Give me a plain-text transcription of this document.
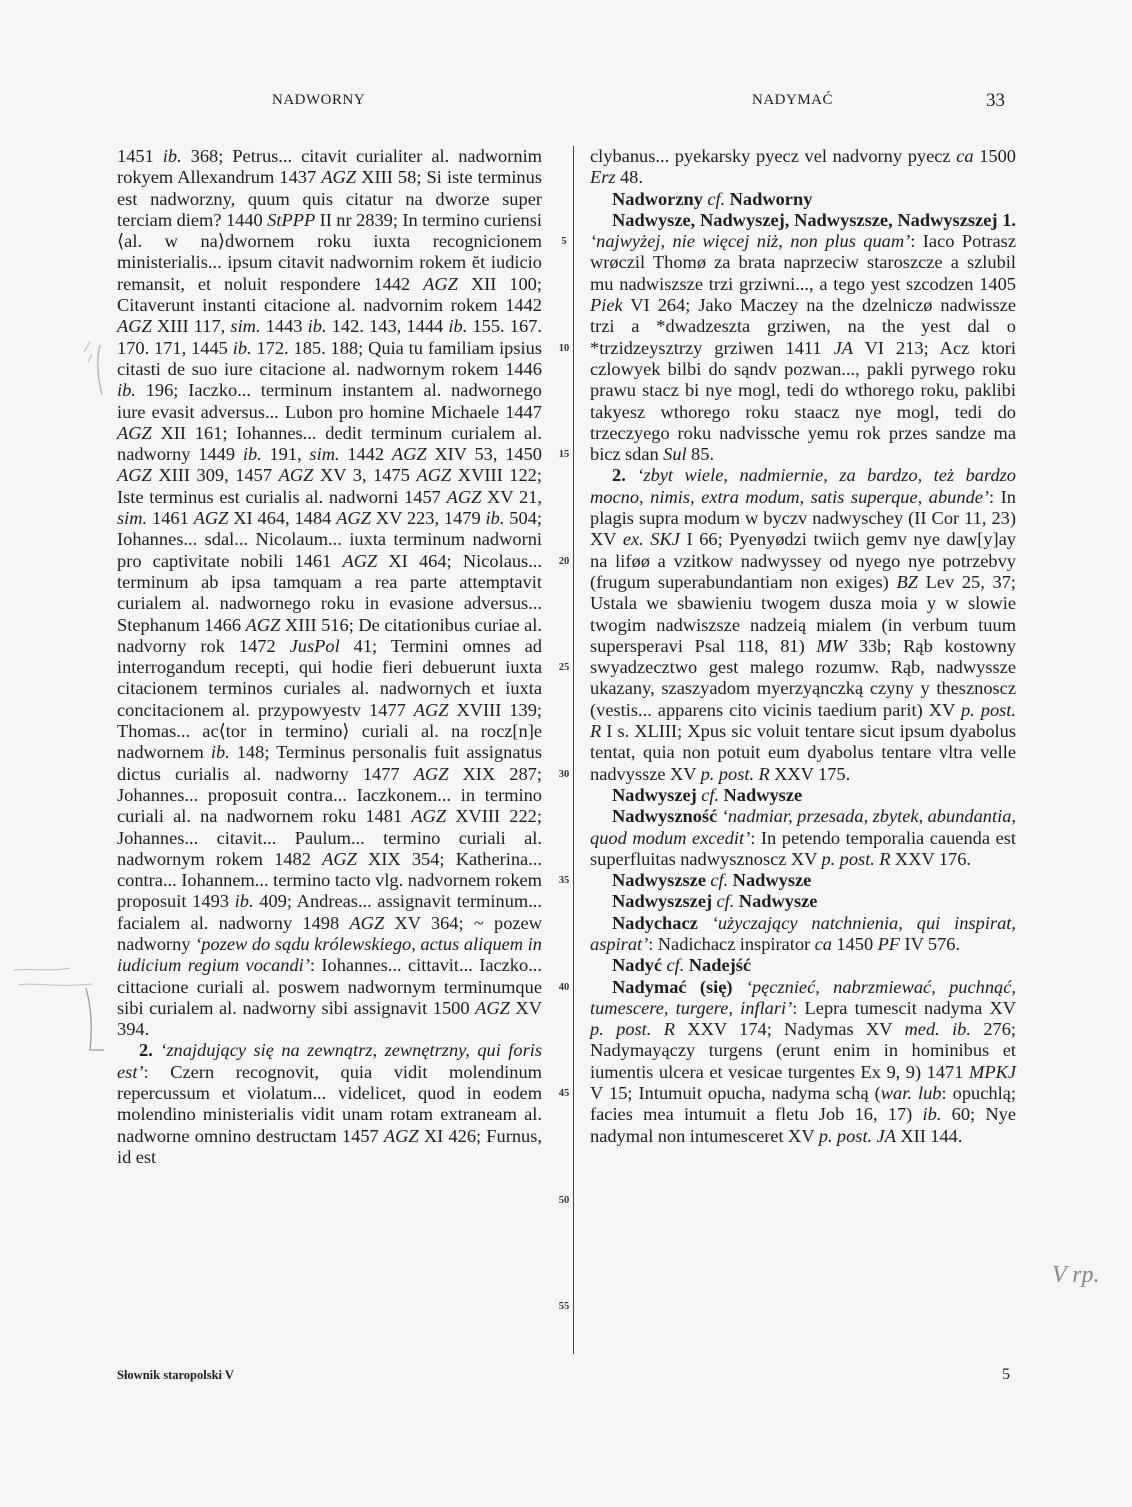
NADWORNY	NADYMAĆ	33

1451 ib. 368; Petrus... citavit curialiter al. nadwornim rokyem Allexandrum 1437 AGZ XIII 58; Si iste terminus est nadworzny, quum quis citatur na dworze super terciam diem? 1440 StPPP II nr 2839; In termino curiensi ⟨al. w na⟩dwornem roku iuxta recognicionem ministerialis... ipsum citavit nadwornim rokem ĕt iudicio remansit, et noluit respondere 1442 AGZ XII 100; Citaverunt instanti citacione al. nadvornim rokem 1442 AGZ XIII 117, sim. 1443 ib. 142. 143, 1444 ib. 155. 167. 170. 171, 1445 ib. 172. 185. 188; Quia tu familiam ipsius citasti de suo iure citacione al. nadwornym rokem 1446 ib. 196; Iaczko... terminum instantem al. nadwornego iure evasit adversus... Lubon pro homine Michaele 1447 AGZ XII 161; Iohannes... dedit terminum curialem al. nadworny 1449 ib. 191, sim. 1442 AGZ XIV 53, 1450 AGZ XIII 309, 1457 AGZ XV 3, 1475 AGZ XVIII 122; Iste terminus est curialis al. nadworni 1457 AGZ XV 21, sim. 1461 AGZ XI 464, 1484 AGZ XV 223, 1479 ib. 504; Iohannes... sdal... Nicolaum... iuxta terminum nadworni pro captivitate nobili 1461 AGZ XI 464; Nicolaus... terminum ab ipsa tamquam a rea parte attemptavit curialem al. nadwornego roku in evasione adversus... Stephanum 1466 AGZ XIII 516; De citationibus curiae al. nadvorny rok 1472 JusPol 41; Termini omnes ad interrogandum recepti, qui hodie fieri debuerunt iuxta citacionem terminos curiales al. nadwornych et iuxta concitacionem al. przypowyestv 1477 AGZ XVIII 139; Thomas... ac⟨tor in termino⟩ curiali al. na rocz[n]e nadwornem ib. 148; Terminus personalis fuit assignatus dictus curialis al. nadworny 1477 AGZ XIX 287; Johannes... proposuit contra... Iaczkonem... in termino curiali al. na nadwornem roku 1481 AGZ XVIII 222; Johannes... citavit... Paulum... termino curiali al. nadwornym rokem 1482 AGZ XIX 354; Katherina... contra... Iohannem... termino tacto vlg. nadvornem rokem proposuit 1493 ib. 409; Andreas... assignavit terminum... facialem al. nadworny 1498 AGZ XV 364; ~ pozew nadworny ʻpozew do sądu królewskiego, actus aliquem in iudicium regium vocandiʼ: Iohannes... cittavit... Iaczko... cittacione curiali al. poswem nadwornym terminumque sibi curialem al. nadworny sibi assignavit 1500 AGZ XV 394.

2. ʻznajdujący się na zewnątrz, zewnętrzny, qui foris estʼ: Czern recognovit, quia vidit molendinum repercussum et violatum... videlicet, quod in eodem molendino ministerialis vidit unam rotam extraneam al. nadworne omnino destructam 1457 AGZ XI 426; Furnus, id est

5
10
15
20
25
30
35
40
45
50
55

clybanus... pyekarsky pyecz vel nadvorny pyecz ca 1500 Erz 48.

Nadworzny cf. Nadworny

Nadwysze, Nadwyszej, Nadwyszsze, Nadwyszszej 1. ʻnajwyżej, nie więcej niż, non plus quamʼ: Iaco Potrasz wrøczil Thomø za brata naprzeciw staroszcze a szlubil mu nadwiszsze trzi grziwni..., a tego yest szcodzen 1405 Piek VI 264; Jako Maczey na the dzelniczø nadwissze trzi a *dwadzeszta grziwen, na the yest dal o *trzidzeysztrzy grziwen 1411 JA VI 213; Acz ktori czlowyek bilbi do sąndv pozwan..., pakli pyrwego roku prawu stacz bi nye mogl, tedi do wthorego roku, paklibi takyesz wthorego roku staacz nye mogl, tedi do trzeczyego roku nadvissche yemu rok przes sandze ma bicz sdan Sul 85.

2. ʻzbyt wiele, nadmiernie, za bardzo, też bardzo mocno, nimis, extra modum, satis superque, abundeʼ: In plagis supra modum w byczv nadwyschey (II Cor 11, 23) XV ex. SKJ I 66; Pyenyødzi twiich gemv nye daw[y]ay na liføø a vzitkow nadwyssey od nyego nye potrzebvy (frugum superabundantiam non exiges) BZ Lev 25, 37; Ustala we sbawieniu twogem dusza moia y w slowie twogim nadwiszsze nadzeią mialem (in verbum tuum supersperavi Psal 118, 81) MW 33b; Rąb kostowny swyadzecztwo gest malego rozumw. Rąb, nadwyssze ukazany, szaszyadom myerzyąnczką czyny y thesznoscz (vestis... apparens cito vicinis taedium parit) XV p. post. R I s. XLIII; Xpus sic voluit tentare sicut ipsum dyabolus tentat, quia non potuit eum dyabolus tentare vltra velle nadvyssze XV p. post. R XXV 175.

Nadwyszej cf. Nadwysze

Nadwyszność ʻnadmiar, przesada, zbytek, abundantia, quod modum exceditʼ: In petendo temporalia cauenda est superfluitas nadwysznoscz XV p. post. R XXV 176.

Nadwyszsze cf. Nadwysze

Nadwyszszej cf. Nadwysze

Nadychacz ʻużyczający natchnienia, qui inspirat, aspiratʼ: Nadichacz inspirator ca 1450 PF IV 576.

Nadyć cf. Nadejść

Nadymać (się) ʻpęcznieć, nabrzmiewać, puchnąć, tumescere, turgere, inflariʼ: Lepra tumescit nadyma XV p. post. R XXV 174; Nadymas XV med. ib. 276; Nadymayączy turgens (erunt enim in hominibus et iumentis ulcera et vesicae turgentes Ex 9, 9) 1471 MPKJ V 15; Intumuit opucha, nadyma schą (war. lub: opuchlą; facies mea intumuit a fletu Job 16, 17) ib. 60; Nye nadymal non intumesceret XV p. post. JA XII 144.

Słownik staropolski V	5
V rp.
